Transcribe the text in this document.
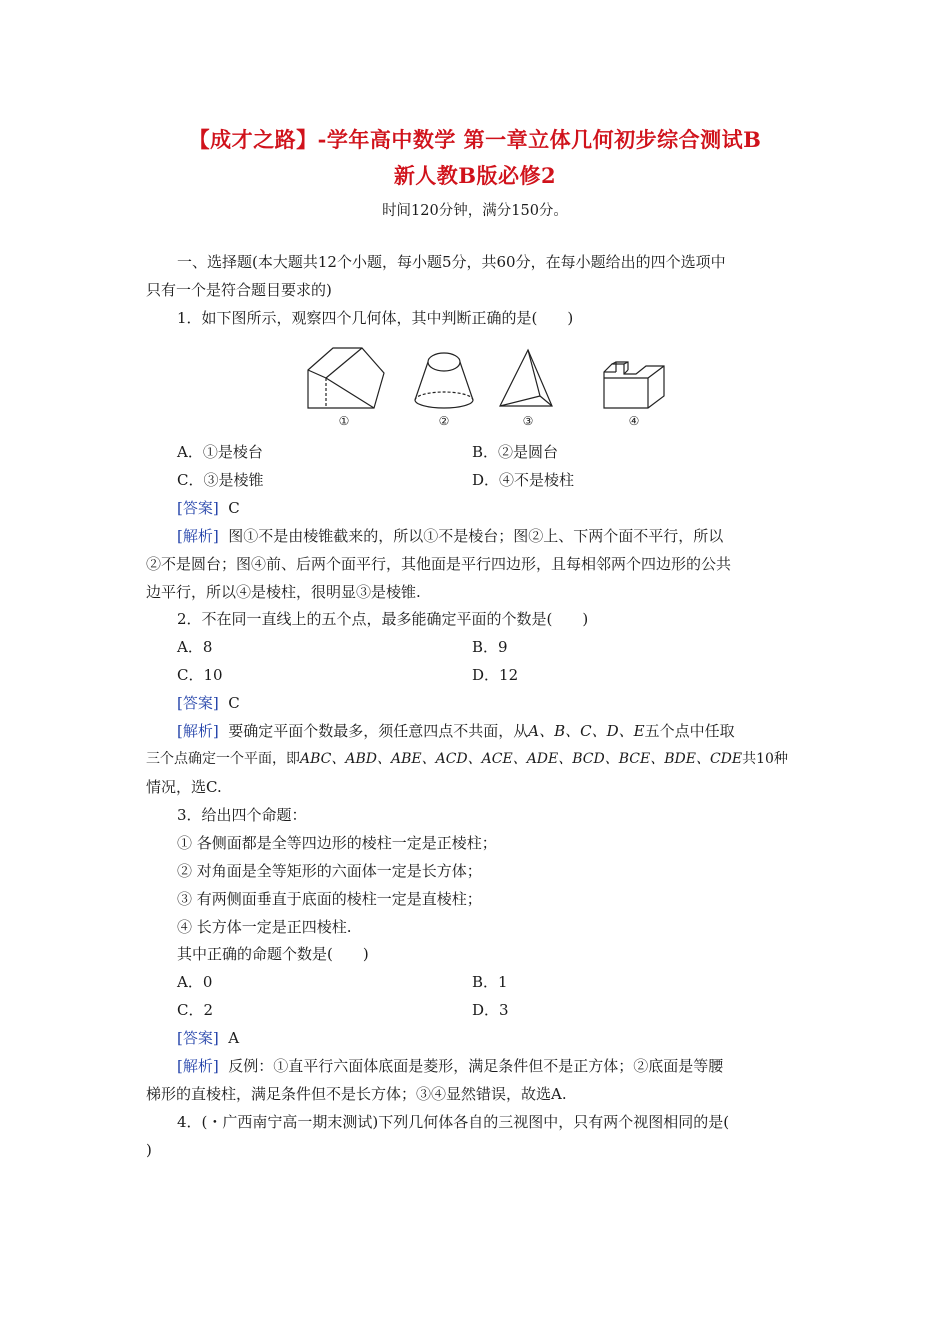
【成才之路】-学年高中数学 第一章立体几何初步综合测试B
新人教B版必修2
时间120分钟，满分150分。
一、选择题(本大题共12个小题，每小题5分，共60分，在每小题给出的四个选项中
只有一个是符合题目要求的)
1．如下图所示，观察四个几何体，其中判断正确的是(　　)
①	②	③	④
A．①是棱台	B．②是圆台
C．③是棱锥	D．④不是棱柱
[答案] C
[解析] 图①不是由棱锥截来的，所以①不是棱台；图②上、下两个面不平行，所以
②不是圆台；图④前、后两个面平行，其他面是平行四边形，且每相邻两个四边形的公共
边平行，所以④是棱柱，很明显③是棱锥.
2．不在同一直线上的五个点，最多能确定平面的个数是(　　)
A．8	B．9
C．10	D．12
[答案] C
[解析] 要确定平面个数最多，须任意四点不共面，从A、B、C、D、E五个点中任取
三个点确定一个平面，即ABC、ABD、ABE、ACD、ACE、ADE、BCD、BCE、BDE、CDE共10种
情况，选C.
3．给出四个命题：
① 各侧面都是全等四边形的棱柱一定是正棱柱；
② 对角面是全等矩形的六面体一定是长方体；
③ 有两侧面垂直于底面的棱柱一定是直棱柱；
④ 长方体一定是正四棱柱.
其中正确的命题个数是(　　)
A．0	B．1
C．2	D．3
[答案] A
[解析] 反例：①直平行六面体底面是菱形，满足条件但不是正方体；②底面是等腰
梯形的直棱柱，满足条件但不是长方体；③④显然错误，故选A.
4．(・广西南宁高一期末测试)下列几何体各自的三视图中，只有两个视图相同的是(
)
